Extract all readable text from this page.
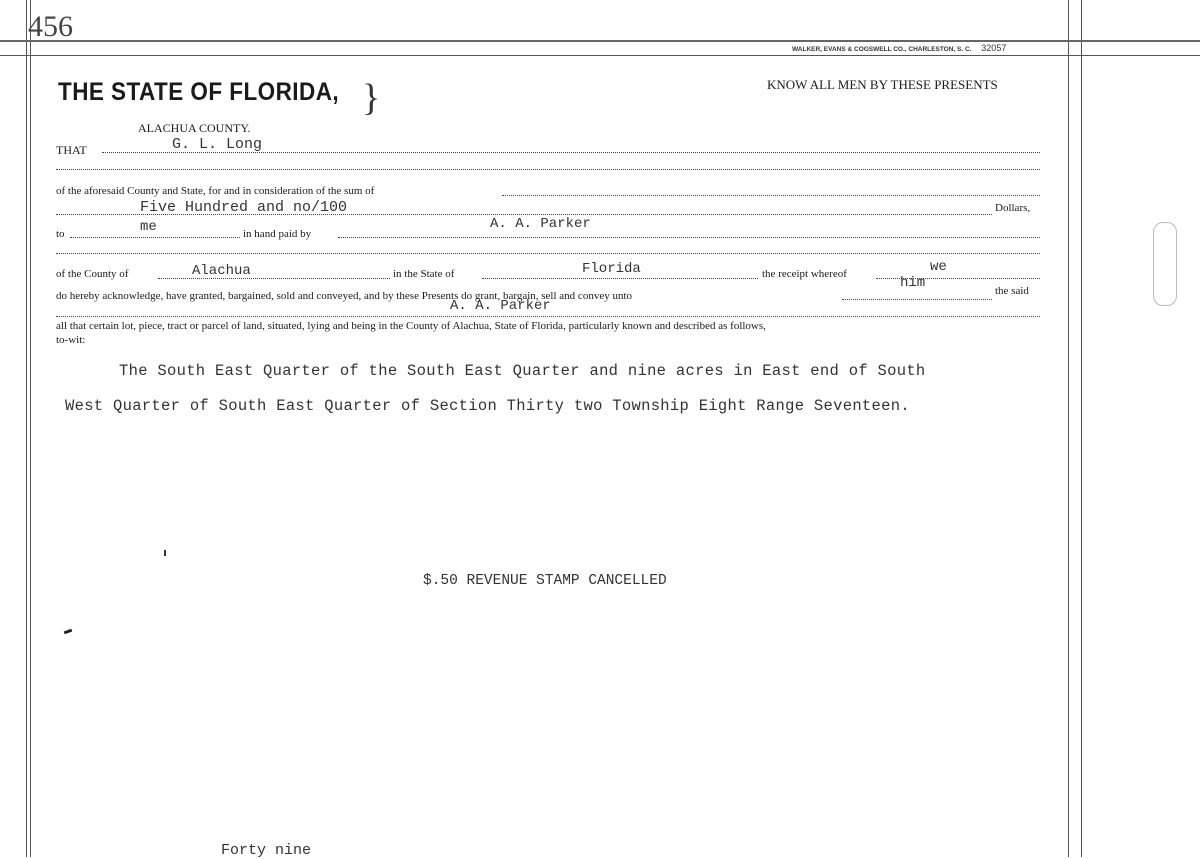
456
WALKER, EVANS & COGSWELL CO., CHARLESTON, S. C. 32057
THE STATE OF FLORIDA, }
ALACHUA COUNTY.
KNOW ALL MEN BY THESE PRESENTS
THAT	G. L. Long
of the aforesaid County and State, for and in consideration of the sum of
Five Hundred and no/100	Dollars,
to	me	in hand paid by
A. A. Parker
of the County of	Alachua	in the State of	Florida	the receipt whereof	we
do hereby acknowledge, have granted, bargained, sold and conveyed, and by these Presents do grant, bargain, sell and convey unto
him	the said
A. A. Parker
all that certain lot, piece, tract or parcel of land, situated, lying and being in the County of Alachua, State of Florida, particularly known and described as follows,
to-wit:
The South East Quarter of the South East Quarter and nine acres in East end of South
West Quarter of South East Quarter of Section Thirty two Township Eight Range Seventeen.
$.50 REVENUE STAMP CANCELLED
Forty nine
